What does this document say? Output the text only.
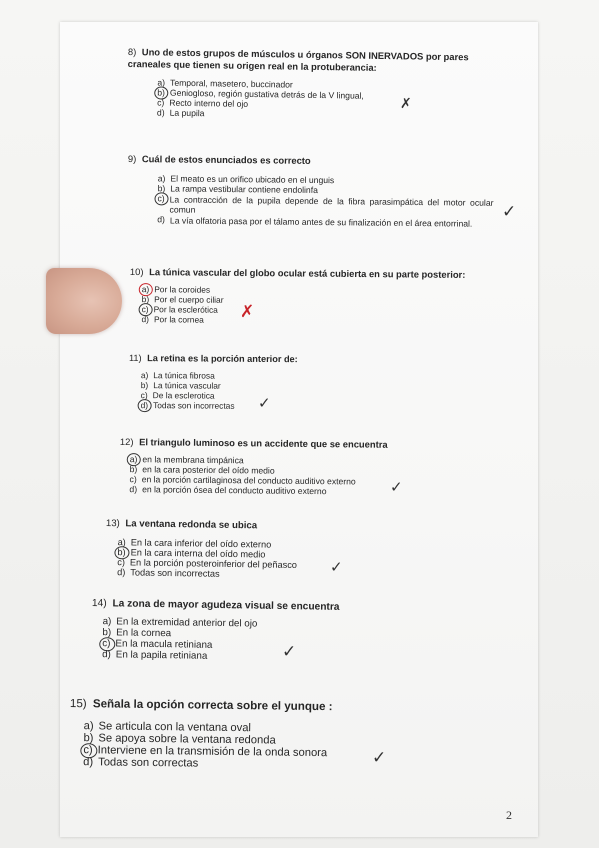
8) Uno de estos grupos de músculos u órganos SON INERVADOS por pares craneales que tienen su origen real en la protuberancia:
a) Temporal, masetero, buccinador
b) Geniogloso, región gustativa detrás de la V lingual,
c) Recto interno del ojo
d) La pupila
✗
9) Cuál de estos enunciados es correcto
a) El meato es un orifico ubicado en el unguis
b) La rampa vestibular contiene endolinfa
c) La contracción de la pupila depende de la fibra parasimpática del motor ocular comun
d) La vía olfatoria pasa por el tálamo antes de su finalización en el área entorrinal.
✓
10) La túnica vascular del globo ocular está cubierta en su parte posterior:
a) Por la coroides
b) Por el cuerpo ciliar
c) Por la esclerótica
d) Por la cornea	✗
11) La retina es la porción anterior de:
a) La túnica fibrosa
b) La túnica vascular
c) De la esclerotica
d) Todas son incorrectas	✓
12) El triangulo luminoso es un accidente que se encuentra
a) en la membrana timpánica
b) en la cara posterior del oído medio
c) en la porción cartilaginosa del conducto auditivo externo
d) en la porción ósea del conducto auditivo externo	✓
13) La ventana redonda se ubica
a) En la cara inferior del oído externo
b) En la cara interna del oído medio
c) En la porción posteroinferior del peñasco
d) Todas son incorrectas	✓
14) La zona de mayor agudeza visual se encuentra
a) En la extremidad anterior del ojo
b) En la cornea
c) En la macula retiniana
d) En la papila retiniana	✓
15) Señala la opción correcta sobre el yunque :
a) Se articula con la ventana oval
b) Se apoya sobre la ventana redonda
c) Interviene en la transmisión de la onda sonora
d) Todas son correctas	✓
2
